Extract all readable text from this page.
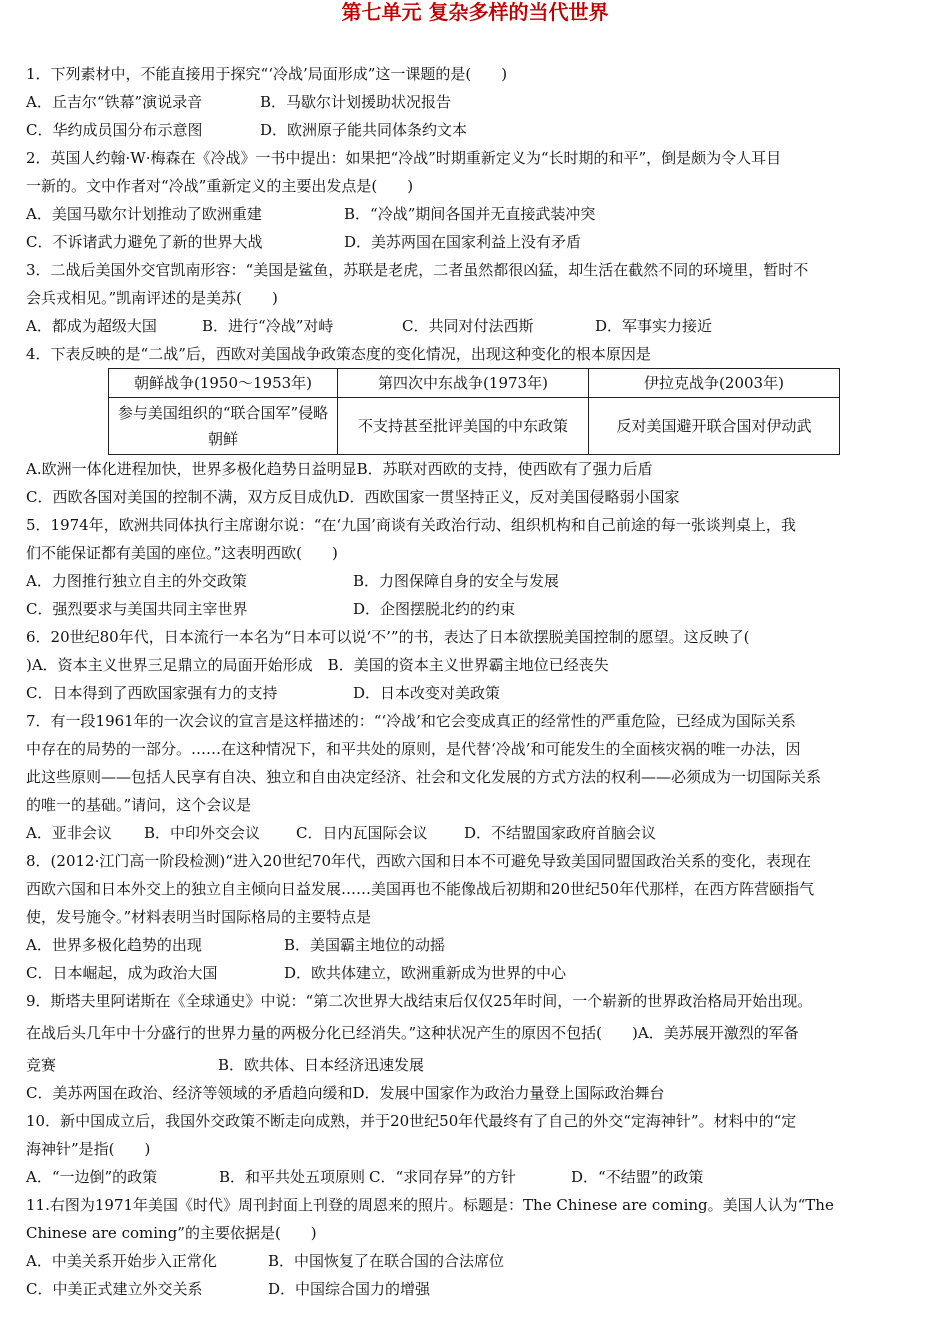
第七单元 复杂多样的当代世界
1．下列素材中，不能直接用于探究“‘冷战’局面形成”这一课题的是(　　)
A．丘吉尔“铁幕”演说录音	B．马歇尔计划援助状况报告
C．华约成员国分布示意图	D．欧洲原子能共同体条约文本
2．英国人约翰·W·梅森在《冷战》一书中提出：如果把“冷战”时期重新定义为“长时期的和平”，倒是颇为令人耳目
一新的。文中作者对“冷战”重新定义的主要出发点是(　　)
A．美国马歇尔计划推动了欧洲重建	B．“冷战”期间各国并无直接武装冲突
C．不诉诸武力避免了新的世界大战	D．美苏两国在国家利益上没有矛盾
3．二战后美国外交官凯南形容：“美国是鲨鱼，苏联是老虎，二者虽然都很凶猛，却生活在截然不同的环境里，暂时不
会兵戎相见。”凯南评述的是美苏(　　)
A．都成为超级大国	B．进行“冷战”对峙	C．共同对付法西斯	D．军事实力接近
4．下表反映的是“二战”后，西欧对美国战争政策态度的变化情况，出现这种变化的根本原因是
朝鲜战争(1950～1953年)	第四次中东战争(1973年)	伊拉克战争(2003年)
参与美国组织的“联合国军”侵略朝鲜	不支持甚至批评美国的中东政策	反对美国避开联合国对伊动武
A.欧洲一体化进程加快，世界多极化趋势日益明显B．苏联对西欧的支持，使西欧有了强力后盾
C．西欧各国对美国的控制不满，双方反目成仇D．西欧国家一贯坚持正义，反对美国侵略弱小国家
5．1974年，欧洲共同体执行主席谢尔说：“在‘九国’商谈有关政治行动、组织机构和自己前途的每一张谈判桌上，我
们不能保证都有美国的座位。”这表明西欧(　　)
A．力图推行独立自主的外交政策	B．力图保障自身的安全与发展
C．强烈要求与美国共同主宰世界	D．企图摆脱北约的约束
6．20世纪80年代，日本流行一本名为“日本可以说‘不’”的书，表达了日本欲摆脱美国控制的愿望。这反映了(
)A．资本主义世界三足鼎立的局面开始形成　B．美国的资本主义世界霸主地位已经丧失
C．日本得到了西欧国家强有力的支持	D．日本改变对美政策
7．有一段1961年的一次会议的宣言是这样描述的：“‘冷战’和它会变成真正的经常性的严重危险，已经成为国际关系
中存在的局势的一部分。……在这种情况下，和平共处的原则，是代替‘冷战’和可能发生的全面核灾祸的唯一办法，因
此这些原则——包括人民享有自决、独立和自由决定经济、社会和文化发展的方式方法的权利——必须成为一切国际关系
的唯一的基础。”请问，这个会议是
A．亚非会议	B．中印外交会议	C．日内瓦国际会议	D．不结盟国家政府首脑会议
8．(2012·江门高一阶段检测)“进入20世纪70年代，西欧六国和日本不可避免导致美国同盟国政治关系的变化，表现在
西欧六国和日本外交上的独立自主倾向日益发展……美国再也不能像战后初期和20世纪50年代那样，在西方阵营颐指气
使，发号施令。”材料表明当时国际格局的主要特点是
A．世界多极化趋势的出现	B．美国霸主地位的动摇
C．日本崛起，成为政治大国	D．欧共体建立，欧洲重新成为世界的中心
9．斯塔夫里阿诺斯在《全球通史》中说：“第二次世界大战结束后仅仅25年时间，一个崭新的世界政治格局开始出现。
在战后头几年中十分盛行的世界力量的两极分化已经消失。”这种状况产生的原因不包括(　　)A．美苏展开激烈的军备
竞赛	B．欧共体、日本经济迅速发展
C．美苏两国在政治、经济等领域的矛盾趋向缓和D．发展中国家作为政治力量登上国际政治舞台
10．新中国成立后，我国外交政策不断走向成熟，并于20世纪50年代最终有了自己的外交“定海神针”。材料中的“定
海神针”是指(　　)
A．“一边倒”的政策	B．和平共处五项原则 C．“求同存异”的方针	D．“不结盟”的政策
11.右图为1971年美国《时代》周刊封面上刊登的周恩来的照片。标题是：The Chinese are coming。美国人认为“The
Chinese are coming”的主要依据是(　　)
A．中美关系开始步入正常化	B．中国恢复了在联合国的合法席位
C．中美正式建立外交关系	D．中国综合国力的增强
